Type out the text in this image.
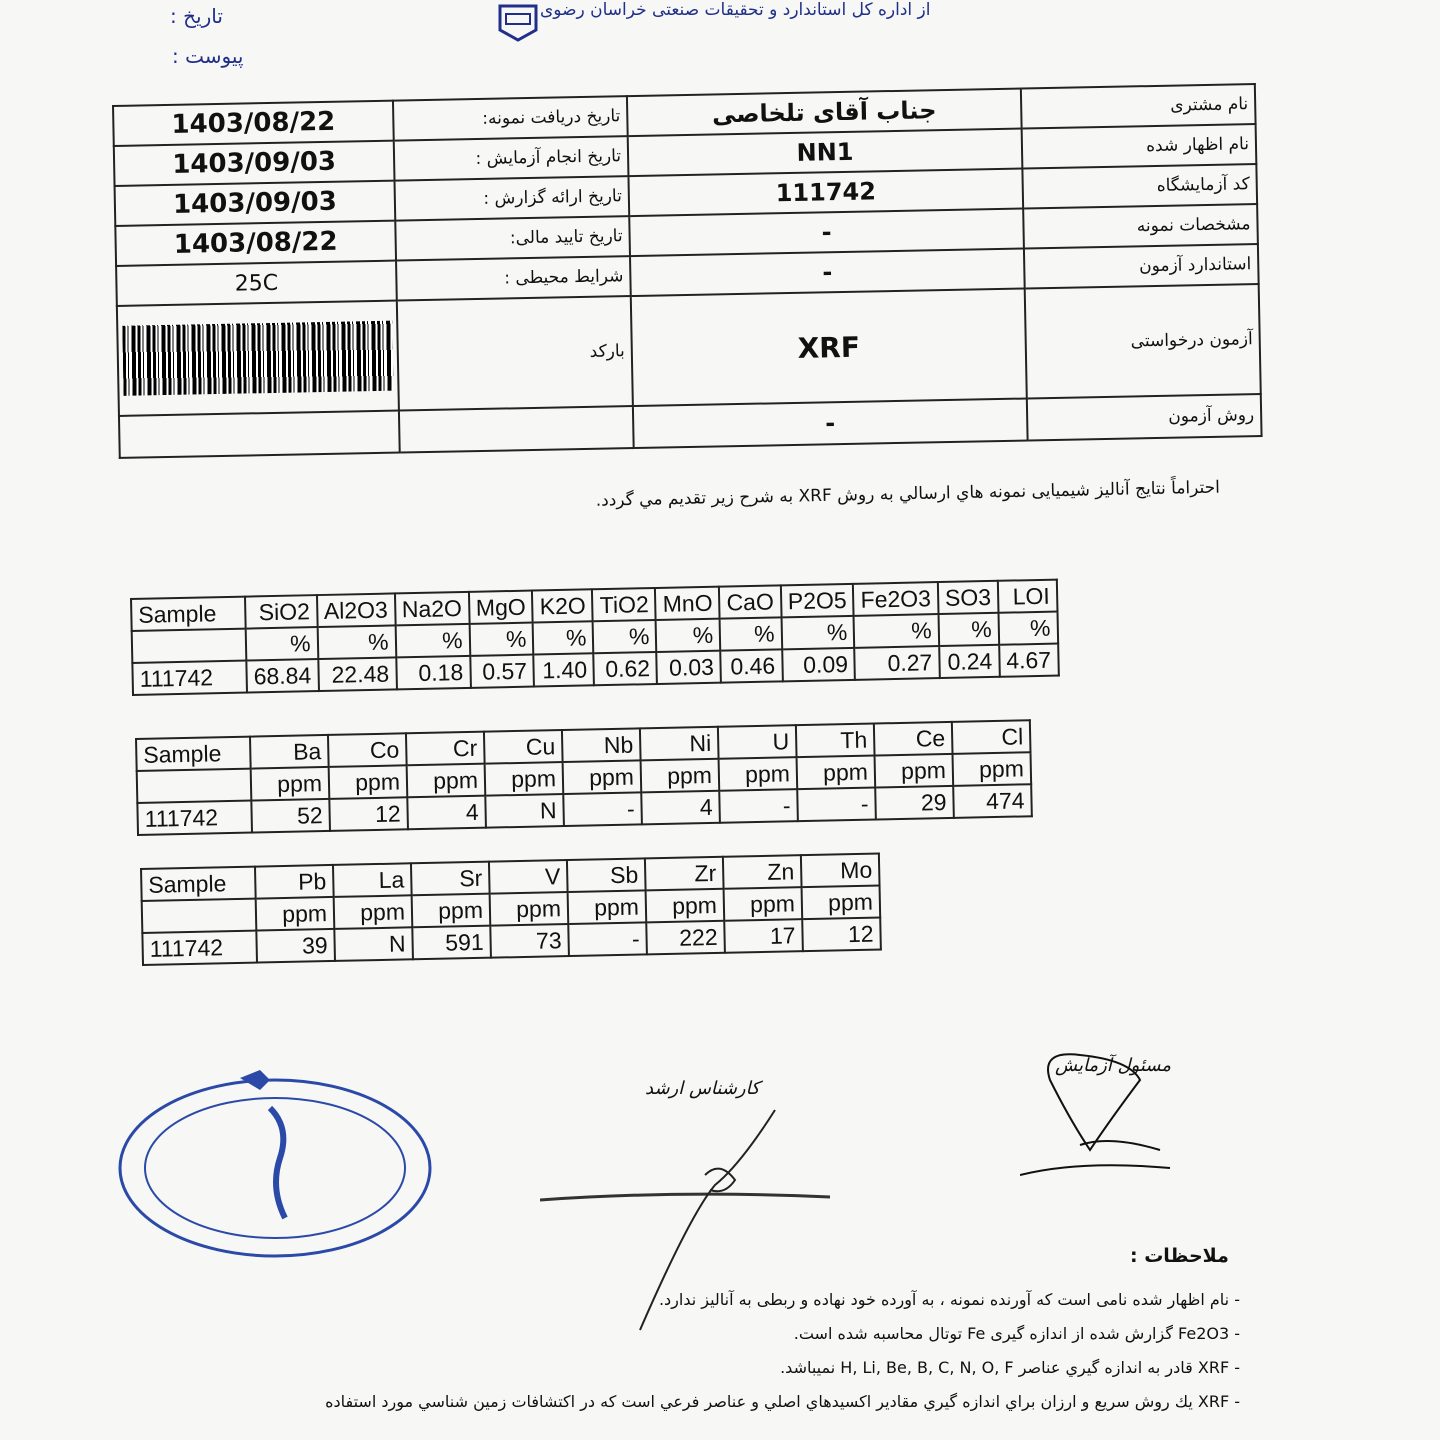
تاریخ :
پیوست :
از اداره کل استاندارد و تحقیقات صنعتی خراسان رضوی
1403/08/22	تاریخ دریافت نمونه:	جناب آقای تلخاصی	نام مشتری
1403/09/03	تاریخ انجام آزمایش :	NN1	نام اظهار شده
1403/09/03	تاریخ ارائه گزارش :	111742	کد آزمایشگاه
1403/08/22	تاریخ تایید مالی:	-	مشخصات نمونه
25C	شرایط محیطی :	-	استاندارد آزمون

	بارکد	XRF	آزمون درخواستی
		-	روش آزمون
احتراماً نتایج آنالیز شیمیایی نمونه هاي ارسالي به روش XRF به شرح زیر تقديم مي گردد.
Sample	SiO2	Al2O3	Na2O	MgO	K2O	TiO2	MnO	CaO	P2O5	Fe2O3	SO3	LOI
	%	%	%	%	%	%	%	%	%	%	%	%
111742	68.84	22.48	0.18	0.57	1.40	0.62	0.03	0.46	0.09	0.27	0.24	4.67
Sample	Ba	Co	Cr	Cu	Nb	Ni	U	Th	Ce	Cl
	ppm	ppm	ppm	ppm	ppm	ppm	ppm	ppm	ppm	ppm
111742	52	12	4	N	-	4	-	-	29	474
Sample	Pb	La	Sr	V	Sb	Zr	Zn	Mo
	ppm	ppm	ppm	ppm	ppm	ppm	ppm	ppm
111742	39	N	591	73	-	222	17	12
مسئول آزمایش
کارشناس ارشد
ملاحظات :
- نام اظهار شده نامی است که آورنده نمونه ، به آورده خود نهاده و ربطی به آنالیز ندارد.
- Fe2O3 گزارش شده از اندازه گیری Fe توتال محاسبه شده است.
- XRF قادر به اندازه گیري عناصر H, Li, Be, B, C, N, O, F نمیباشد.
- XRF یك روش سریع و ارزان براي اندازه گیري مقادیر اکسیدهاي اصلي و عناصر فرعي است که در اکتشافات زمین شناسي مورد استفاده
